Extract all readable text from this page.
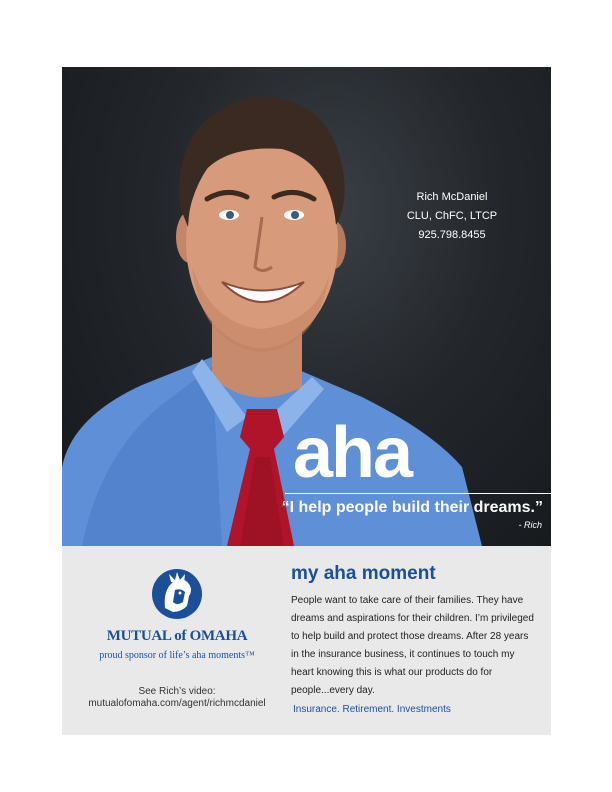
Rich McDaniel
CLU, ChFC, LTCP
925.798.8455
aha
“I help people build their dreams.”
- Rich
MUTUAL of OMAHA
proud sponsor of life’s aha moments™
See Rich’s video:
mutualofomaha.com/agent/richmcdaniel
my aha moment
People want to take care of their families. They have dreams and aspirations for their children. I’m privileged to help build and protect those dreams. After 28 years in the insurance business, it continues to touch my heart knowing this is what our products do for people...every day.
Insurance. Retirement. Investments
